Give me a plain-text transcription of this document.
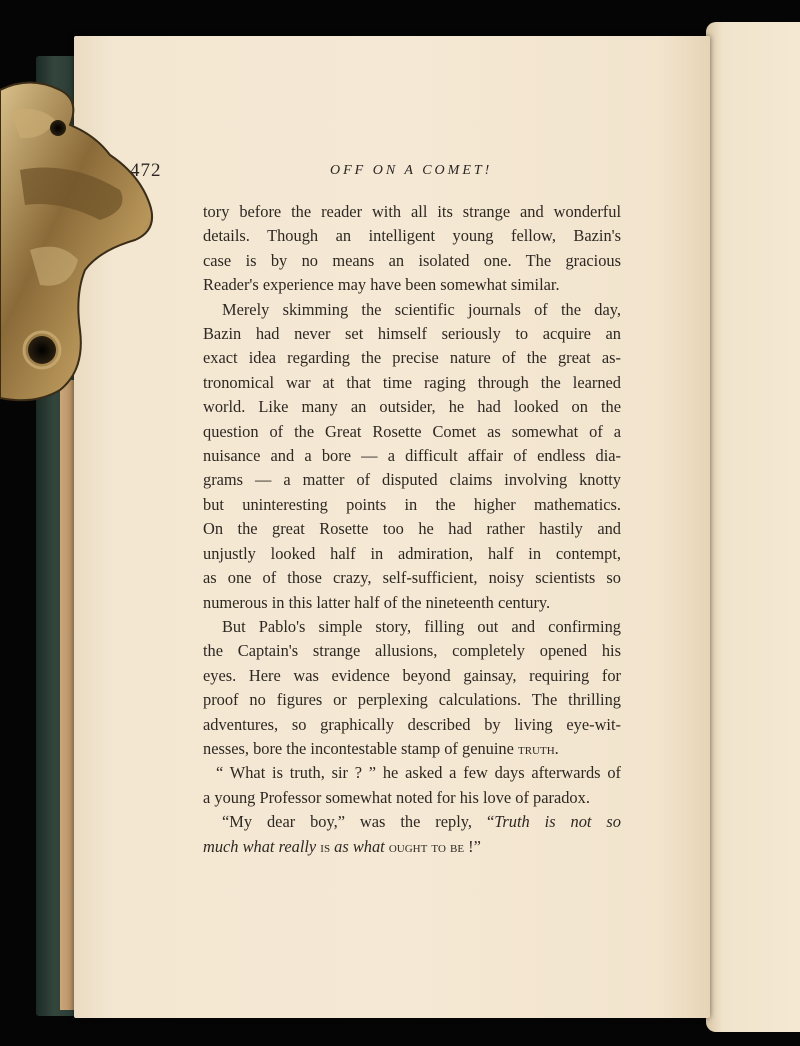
472	OFF ON A COMET!
tory before the reader with all its strange and wonderful
details. Though an intelligent young fellow, Bazin's
case is by no means an isolated one. The gracious
Reader's experience may have been somewhat similar.
Merely skimming the scientific journals of the day,
Bazin had never set himself seriously to acquire an
exact idea regarding the precise nature of the great as-
tronomical war at that time raging through the learned
world. Like many an outsider, he had looked on the
question of the Great Rosette Comet as somewhat of a
nuisance and a bore — a difficult affair of endless dia-
grams — a matter of disputed claims involving knotty
but uninteresting points in the higher mathematics.
On the great Rosette too he had rather hastily and
unjustly looked half in admiration, half in contempt,
as one of those crazy, self-sufficient, noisy scientists so
numerous in this latter half of the nineteenth century.
But Pablo's simple story, filling out and confirming
the Captain's strange allusions, completely opened his
eyes. Here was evidence beyond gainsay, requiring for
proof no figures or perplexing calculations. The thrilling
adventures, so graphically described by living eye-wit-
nesses, bore the incontestable stamp of genuine truth.
“ What is truth, sir ? ” he asked a few days afterwards of
a young Professor somewhat noted for his love of paradox.
“My dear boy,” was the reply, “Truth is not so
much what really is as what ought to be !”
